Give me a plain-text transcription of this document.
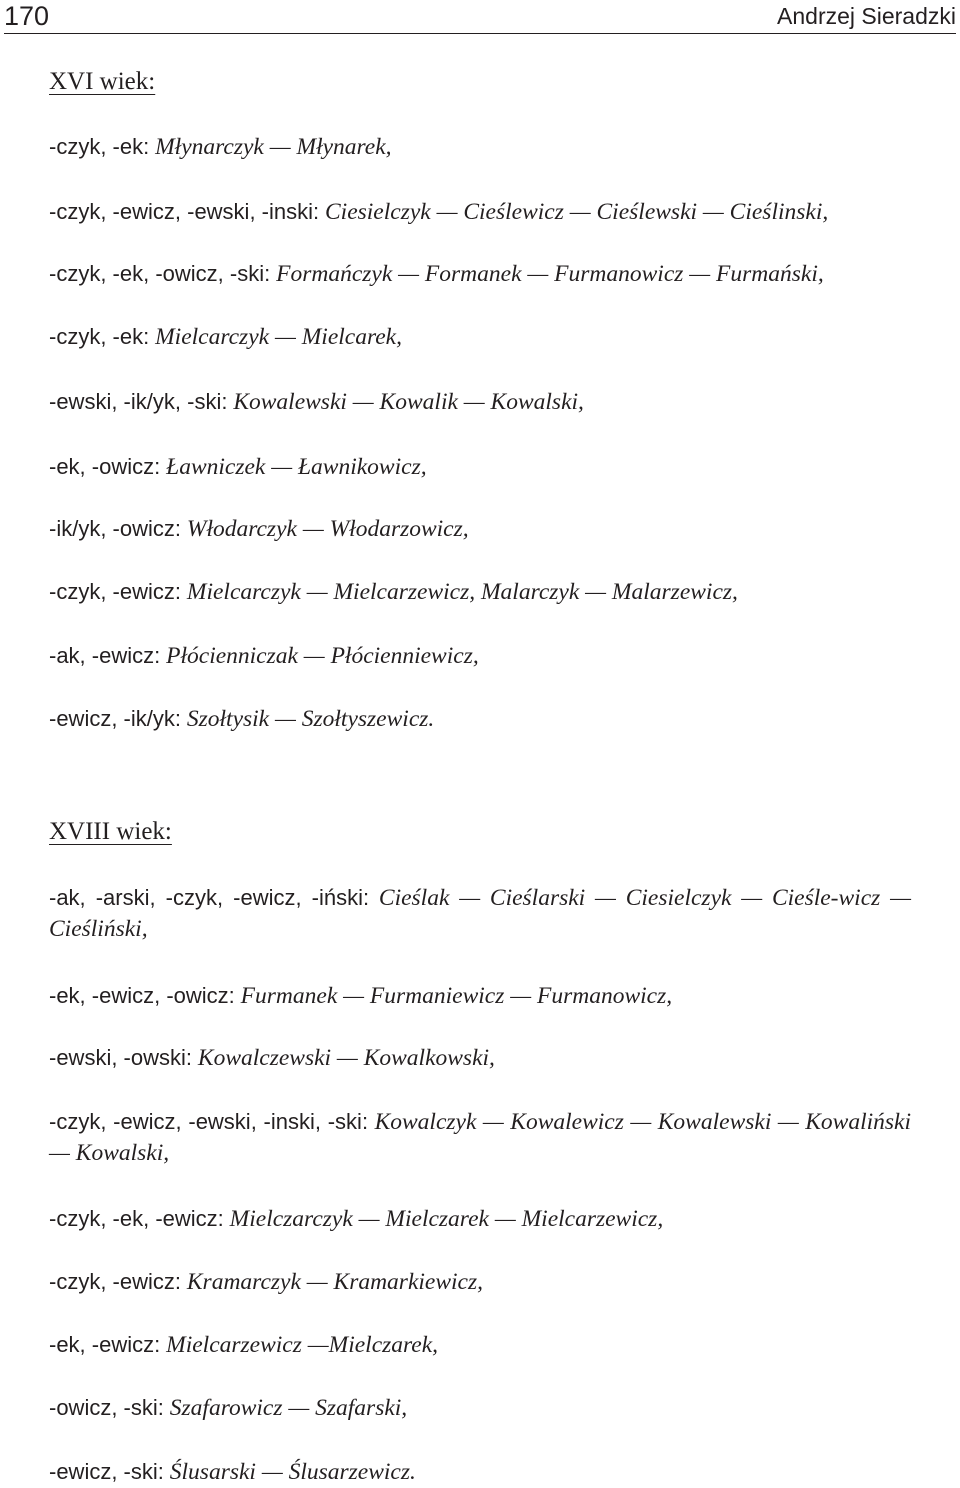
170	Andrzej Sieradzki
XVI wiek:
-czyk, -ek: Młynarczyk — Młynarek,
-czyk, -ewicz, -ewski, -inski: Ciesielczyk — Cieślewicz — Cieślewski — Cieślinski,
-czyk, -ek, -owicz, -ski: Formańczyk — Formanek — Furmanowicz — Furmański,
-czyk, -ek: Mielcarczyk — Mielcarek,
-ewski, -ik/yk, -ski: Kowalewski — Kowalik — Kowalski,
-ek, -owicz: Ławniczek — Ławnikowicz,
-ik/yk, -owicz: Włodarczyk — Włodarzowicz,
-czyk, -ewicz: Mielcarczyk — Mielcarzewicz, Malarczyk — Malarzewicz,
-ak, -ewicz: Płócienniczak — Płócienniewicz,
-ewicz, -ik/yk: Szołtysik — Szołtyszewicz.
XVIII wiek:
-ak, -arski, -czyk, -ewicz, -iński: Cieślak — Cieślarski — Ciesielczyk — Cieśle-wicz — Cieśliński,
-ek, -ewicz, -owicz: Furmanek — Furmaniewicz — Furmanowicz,
-ewski, -owski: Kowalczewski — Kowalkowski,
-czyk, -ewicz, -ewski, -inski, -ski: Kowalczyk — Kowalewicz — Kowalewski — Kowaliński — Kowalski,
-czyk, -ek, -ewicz: Mielczarczyk — Mielczarek — Mielcarzewicz,
-czyk, -ewicz: Kramarczyk — Kramarkiewicz,
-ek, -ewicz: Mielcarzewicz —Mielczarek,
-owicz, -ski: Szafarowicz — Szafarski,
-ewicz, -ski: Ślusarski — Ślusarzewicz.
